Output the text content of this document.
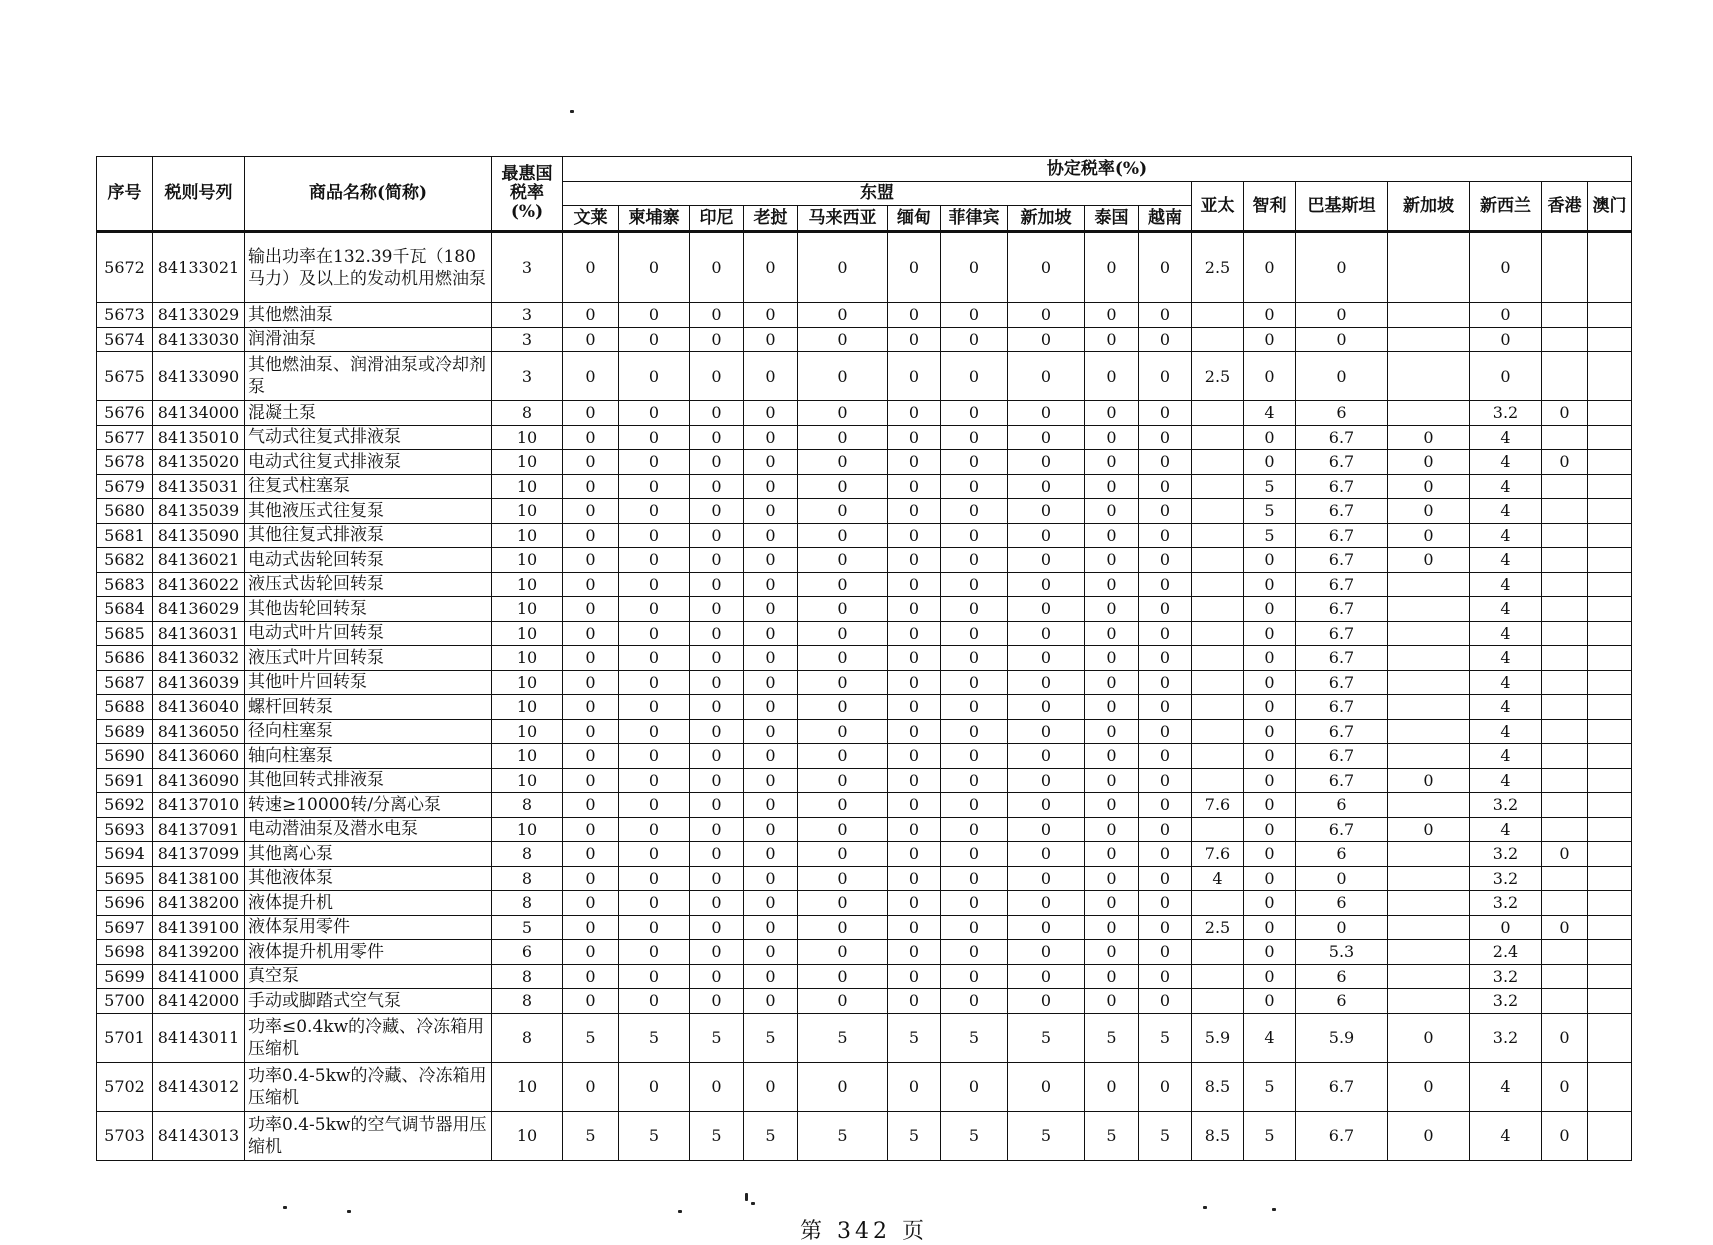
序号	税则号列	商品名称(简称)	最惠国
税率
(%)	协定税率(%)																
				东盟										亚太	智利	巴基斯坦	新加坡	新西兰	香港	澳门
				文莱	柬埔寨	印尼	老挝	马来西亚	缅甸	菲律宾	新加坡	泰国	越南							
5672	84133021	输出功率在132.39千瓦（180马力）及以上的发动机用燃油泵	3	0	0	0	0	0	0	0	0	0	0	2.5	0	0		0		
5673	84133029	其他燃油泵	3	0	0	0	0	0	0	0	0	0	0		0	0		0		
5674	84133030	润滑油泵	3	0	0	0	0	0	0	0	0	0	0		0	0		0		
5675	84133090	其他燃油泵、润滑油泵或冷却剂泵	3	0	0	0	0	0	0	0	0	0	0	2.5	0	0		0		
5676	84134000	混凝土泵	8	0	0	0	0	0	0	0	0	0	0		4	6		3.2	0	
5677	84135010	气动式往复式排液泵	10	0	0	0	0	0	0	0	0	0	0		0	6.7	0	4		
5678	84135020	电动式往复式排液泵	10	0	0	0	0	0	0	0	0	0	0		0	6.7	0	4	0	
5679	84135031	往复式柱塞泵	10	0	0	0	0	0	0	0	0	0	0		5	6.7	0	4		
5680	84135039	其他液压式往复泵	10	0	0	0	0	0	0	0	0	0	0		5	6.7	0	4		
5681	84135090	其他往复式排液泵	10	0	0	0	0	0	0	0	0	0	0		5	6.7	0	4		
5682	84136021	电动式齿轮回转泵	10	0	0	0	0	0	0	0	0	0	0		0	6.7	0	4		
5683	84136022	液压式齿轮回转泵	10	0	0	0	0	0	0	0	0	0	0		0	6.7		4		
5684	84136029	其他齿轮回转泵	10	0	0	0	0	0	0	0	0	0	0		0	6.7		4		
5685	84136031	电动式叶片回转泵	10	0	0	0	0	0	0	0	0	0	0		0	6.7		4		
5686	84136032	液压式叶片回转泵	10	0	0	0	0	0	0	0	0	0	0		0	6.7		4		
5687	84136039	其他叶片回转泵	10	0	0	0	0	0	0	0	0	0	0		0	6.7		4		
5688	84136040	螺杆回转泵	10	0	0	0	0	0	0	0	0	0	0		0	6.7		4		
5689	84136050	径向柱塞泵	10	0	0	0	0	0	0	0	0	0	0		0	6.7		4		
5690	84136060	轴向柱塞泵	10	0	0	0	0	0	0	0	0	0	0		0	6.7		4		
5691	84136090	其他回转式排液泵	10	0	0	0	0	0	0	0	0	0	0		0	6.7	0	4		
5692	84137010	转速≥10000转/分离心泵	8	0	0	0	0	0	0	0	0	0	0	7.6	0	6		3.2		
5693	84137091	电动潜油泵及潜水电泵	10	0	0	0	0	0	0	0	0	0	0		0	6.7	0	4		
5694	84137099	其他离心泵	8	0	0	0	0	0	0	0	0	0	0	7.6	0	6		3.2	0	
5695	84138100	其他液体泵	8	0	0	0	0	0	0	0	0	0	0	4	0	0		3.2		
5696	84138200	液体提升机	8	0	0	0	0	0	0	0	0	0	0		0	6		3.2		
5697	84139100	液体泵用零件	5	0	0	0	0	0	0	0	0	0	0	2.5	0	0		0	0	
5698	84139200	液体提升机用零件	6	0	0	0	0	0	0	0	0	0	0		0	5.3		2.4		
5699	84141000	真空泵	8	0	0	0	0	0	0	0	0	0	0		0	6		3.2		
5700	84142000	手动或脚踏式空气泵	8	0	0	0	0	0	0	0	0	0	0		0	6		3.2		
5701	84143011	功率≤0.4kw的冷藏、冷冻箱用压缩机	8	5	5	5	5	5	5	5	5	5	5	5.9	4	5.9	0	3.2	0	
5702	84143012	功率0.4-5kw的冷藏、冷冻箱用压缩机	10	0	0	0	0	0	0	0	0	0	0	8.5	5	6.7	0	4	0	
5703	84143013	功率0.4-5kw的空气调节器用压缩机	10	5	5	5	5	5	5	5	5	5	5	8.5	5	6.7	0	4	0	
第 342 页
